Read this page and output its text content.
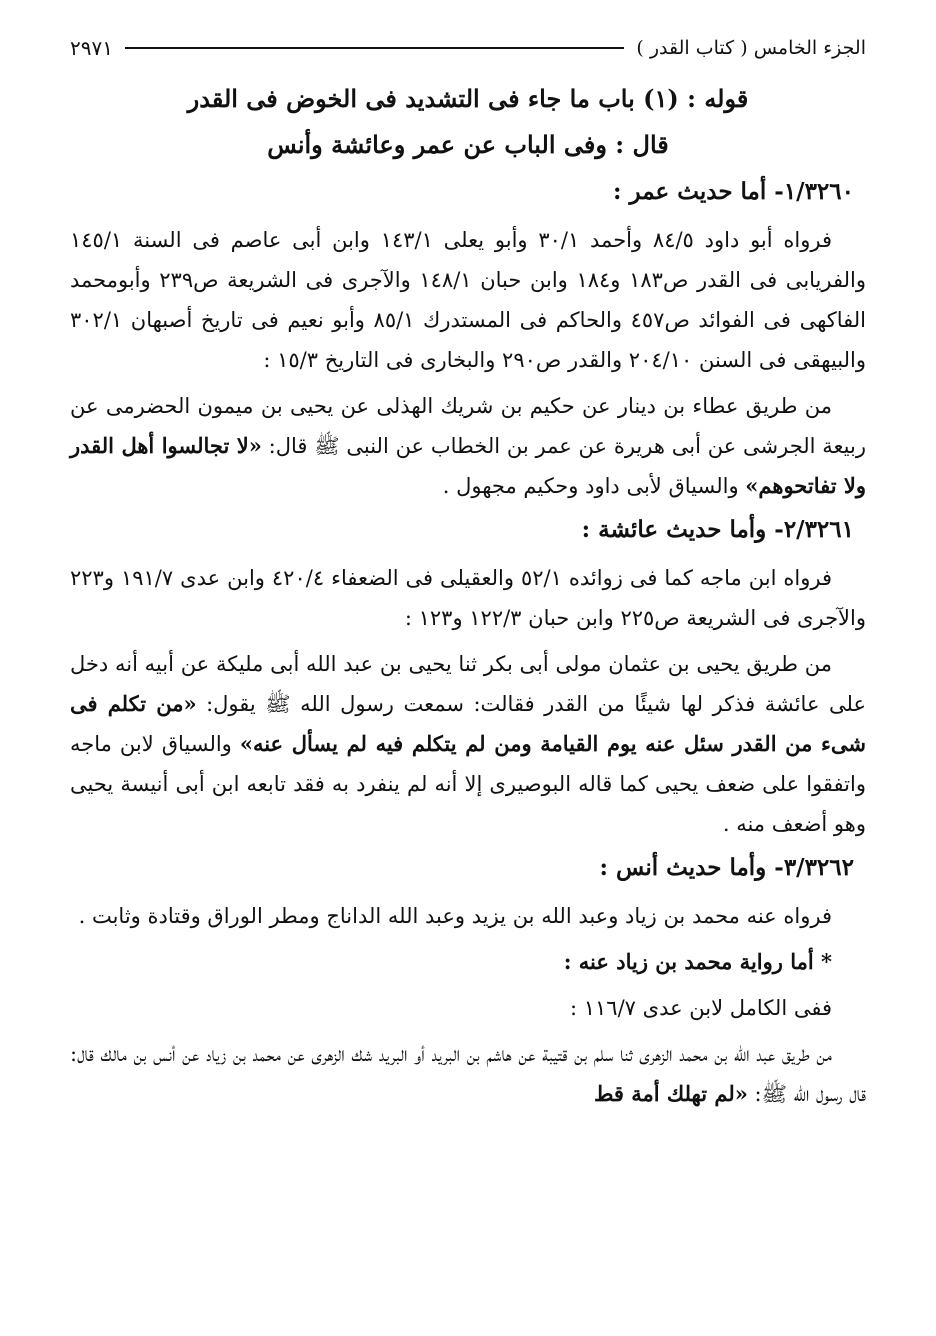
الجزء الخامس ( كتاب القدر )
٢٩٧١
قوله : (١) باب ما جاء فى التشديد فى الخوض فى القدر
قال : وفى الباب عن عمر وعائشة وأنس
١/٣٢٦٠- أما حديث عمر :

فرواه أبو داود ٨٤/٥ وأحمد ٣٠/١ وأبو يعلى ١٤٣/١ وابن أبى عاصم فى السنة ١٤٥/١ والفريابى فى القدر ص١٨٣ و١٨٤ وابن حبان ١٤٨/١ والآجرى فى الشريعة ص٢٣٩ وأبومحمد الفاكهى فى الفوائد ص٤٥٧ والحاكم فى المستدرك ٨٥/١ وأبو نعيم فى تاريخ أصبهان ٣٠٢/١ والبيهقى فى السنن ٢٠٤/١٠ والقدر ص٢٩٠ والبخارى فى التاريخ ١٥/٣ :

من طريق عطاء بن دينار عن حكيم بن شريك الهذلى عن يحيى بن ميمون الحضرمى عن ربيعة الجرشى عن أبى هريرة عن عمر بن الخطاب عن النبى ﷺ قال: «لا تجالسوا أهل القدر ولا تفاتحوهم» والسياق لأبى داود وحكيم مجهول .

٢/٣٢٦١- وأما حديث عائشة :

فرواه ابن ماجه كما فى زوائده ٥٢/١ والعقيلى فى الضعفاء ٤٢٠/٤ وابن عدى ١٩١/٧ و٢٢٣ والآجرى فى الشريعة ص٢٢٥ وابن حبان ١٢٢/٣ و١٢٣ :

من طريق يحيى بن عثمان مولى أبى بكر ثنا يحيى بن عبد الله أبى مليكة عن أبيه أنه دخل على عائشة فذكر لها شيئًا من القدر فقالت: سمعت رسول الله ﷺ يقول: «من تكلم فى شىء من القدر سئل عنه يوم القيامة ومن لم يتكلم فيه لم يسأل عنه» والسياق لابن ماجه واتفقوا على ضعف يحيى كما قاله البوصيرى إلا أنه لم ينفرد به فقد تابعه ابن أبى أنيسة يحيى وهو أضعف منه .

٣/٣٢٦٢- وأما حديث أنس :

فرواه عنه محمد بن زياد وعبد الله بن يزيد وعبد الله الداناج ومطر الوراق وقتادة وثابت .

* أما رواية محمد بن زياد عنه :
ففى الكامل لابن عدى ١١٦/٧ :

من طريق عبد الله بن محمد الزهرى ثنا سلم بن قتيبة عن هاشم بن البريد أو البريد شك الزهرى عن محمد بن زياد عن أنس بن مالك قال: قال رسول الله ﷺ: «لم تهلك أمة قط
